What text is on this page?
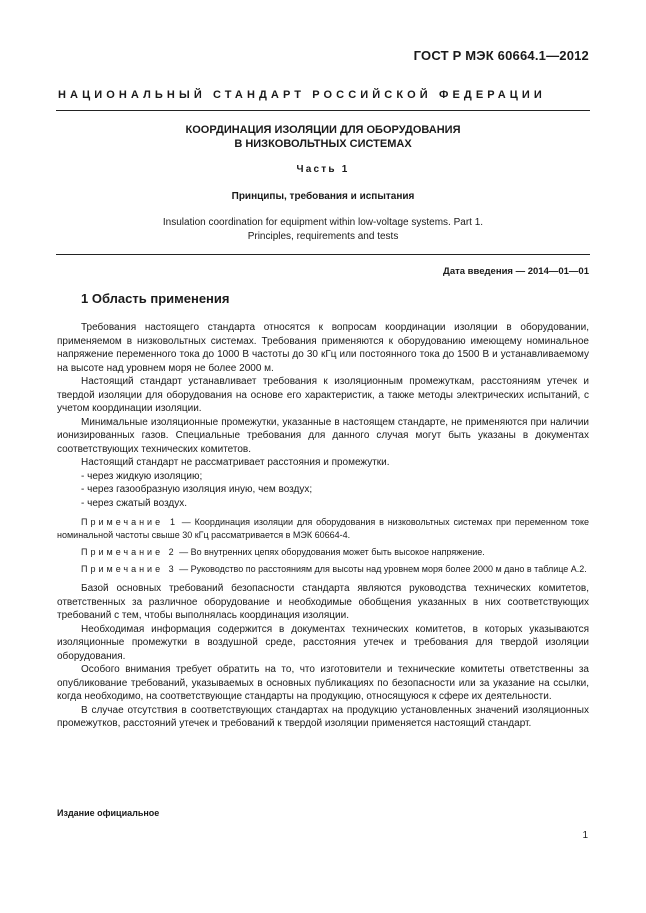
ГОСТ Р МЭК 60664.1—2012
НАЦИОНАЛЬНЫЙ СТАНДАРТ РОССИЙСКОЙ ФЕДЕРАЦИИ
КООРДИНАЦИЯ ИЗОЛЯЦИИ ДЛЯ ОБОРУДОВАНИЯ
В НИЗКОВОЛЬТНЫХ СИСТЕМАХ
Часть 1
Принципы, требования и испытания
Insulation coordination for equipment within low-voltage systems. Part 1.
Principles, requirements and tests
Дата введения — 2014—01—01
1 Область применения

Требования настоящего стандарта относятся к вопросам координации изоляции в оборудовании, применяемом в низковольтных системах. Требования применяются к оборудованию имеющему номинальное напряжение переменного тока до 1000 В частоты до 30 кГц или постоянного тока до 1500 В и устанавливаемому на высоте над уровнем моря не более 2000 м.

Настоящий стандарт устанавливает требования к изоляционным промежуткам, расстояниям утечек и твердой изоляции для оборудования на основе его характеристик, а также методы электрических испытаний, с учетом координации изоляции.

Минимальные изоляционные промежутки, указанные в настоящем стандарте, не применяются при наличии ионизированных газов. Специальные требования для данного случая могут быть указаны в документах соответствующих технических комитетов.

Настоящий стандарт не рассматривает расстояния и промежутки.

- через жидкую изоляцию;

- через газообразную изоляция иную, чем воздух;

- через сжатый воздух.

Примечание 1 — Координация изоляции для оборудования в низковольтных системах при переменном токе номинальной частоты свыше 30 кГц рассматривается в МЭК 60664-4.

Примечание 2 — Во внутренних цепях оборудования может быть высокое напряжение.

Примечание 3 — Руководство по расстояниям для высоты над уровнем моря более 2000 м дано в таблице А.2.

Базой основных требований безопасности стандарта являются руководства технических комитетов, ответственных за различное оборудование и необходимые обобщения указанных в них соответствующих требований с тем, чтобы выполнялась координация изоляции.

Необходимая информация содержится в документах технических комитетов, в которых указываются изоляционные промежутки в воздушной среде, расстояния утечек и требования для твердой изоляции оборудования.

Особого внимания требует обратить на то, что изготовители и технические комитеты ответственны за опубликование требований, указываемых в основных публикациях по безопасности или за указание на ссылки, когда необходимо, на соответствующие стандарты на продукцию, относящуюся к сфере их деятельности.

В случае отсутствия в соответствующих стандартах на продукцию установленных значений изоляционных промежутков, расстояний утечек и требований к твердой изоляции применяется настоящий стандарт.

Издание официальное
1
